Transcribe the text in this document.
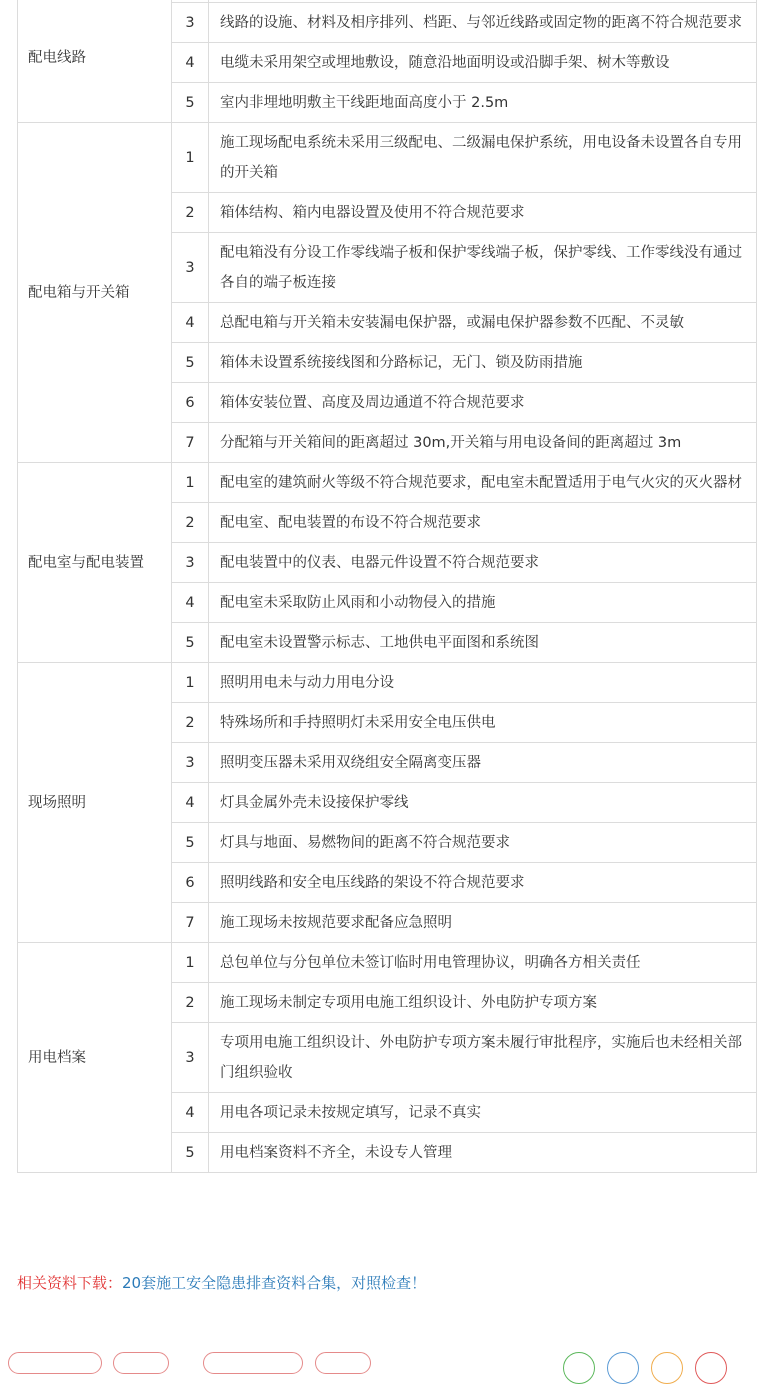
配电线路		
	3	线路的设施、材料及相序排列、档距、与邻近线路或固定物的距离不符合规范要求
	4	电缆未采用架空或埋地敷设，随意沿地面明设或沿脚手架、树木等敷设
	5	室内非埋地明敷主干线距地面高度小于 2.5m
配电箱与开关箱	1	施工现场配电系统未采用三级配电、二级漏电保护系统，用电设备未设置各自专用的开关箱
	2	箱体结构、箱内电器设置及使用不符合规范要求
	3	配电箱没有分设工作零线端子板和保护零线端子板，保护零线、工作零线没有通过各自的端子板连接
	4	总配电箱与开关箱未安装漏电保护器，或漏电保护器参数不匹配、不灵敏
	5	箱体未设置系统接线图和分路标记，无门、锁及防雨措施
	6	箱体安装位置、高度及周边通道不符合规范要求
	7	分配箱与开关箱间的距离超过 30m,开关箱与用电设备间的距离超过 3m
配电室与配电装置	1	配电室的建筑耐火等级不符合规范要求，配电室未配置适用于电气火灾的灭火器材
	2	配电室、配电装置的布设不符合规范要求
	3	配电装置中的仪表、电器元件设置不符合规范要求
	4	配电室未采取防止风雨和小动物侵入的措施
	5	配电室未设置警示标志、工地供电平面图和系统图
现场照明	1	照明用电未与动力用电分设
	2	特殊场所和手持照明灯未采用安全电压供电
	3	照明变压器未采用双绕组安全隔离变压器
	4	灯具金属外壳未设接保护零线
	5	灯具与地面、易燃物间的距离不符合规范要求
	6	照明线路和安全电压线路的架设不符合规范要求
	7	施工现场未按规范要求配备应急照明
用电档案	1	总包单位与分包单位未签订临时用电管理协议，明确各方相关责任
	2	施工现场未制定专项用电施工组织设计、外电防护专项方案
	3	专项用电施工组织设计、外电防护专项方案未履行审批程序，实施后也未经相关部门组织验收
	4	用电各项记录未按规定填写，记录不真实
	5	用电档案资料不齐全，未设专人管理
相关资料下载：20套施工安全隐患排查资料合集，对照检查！
